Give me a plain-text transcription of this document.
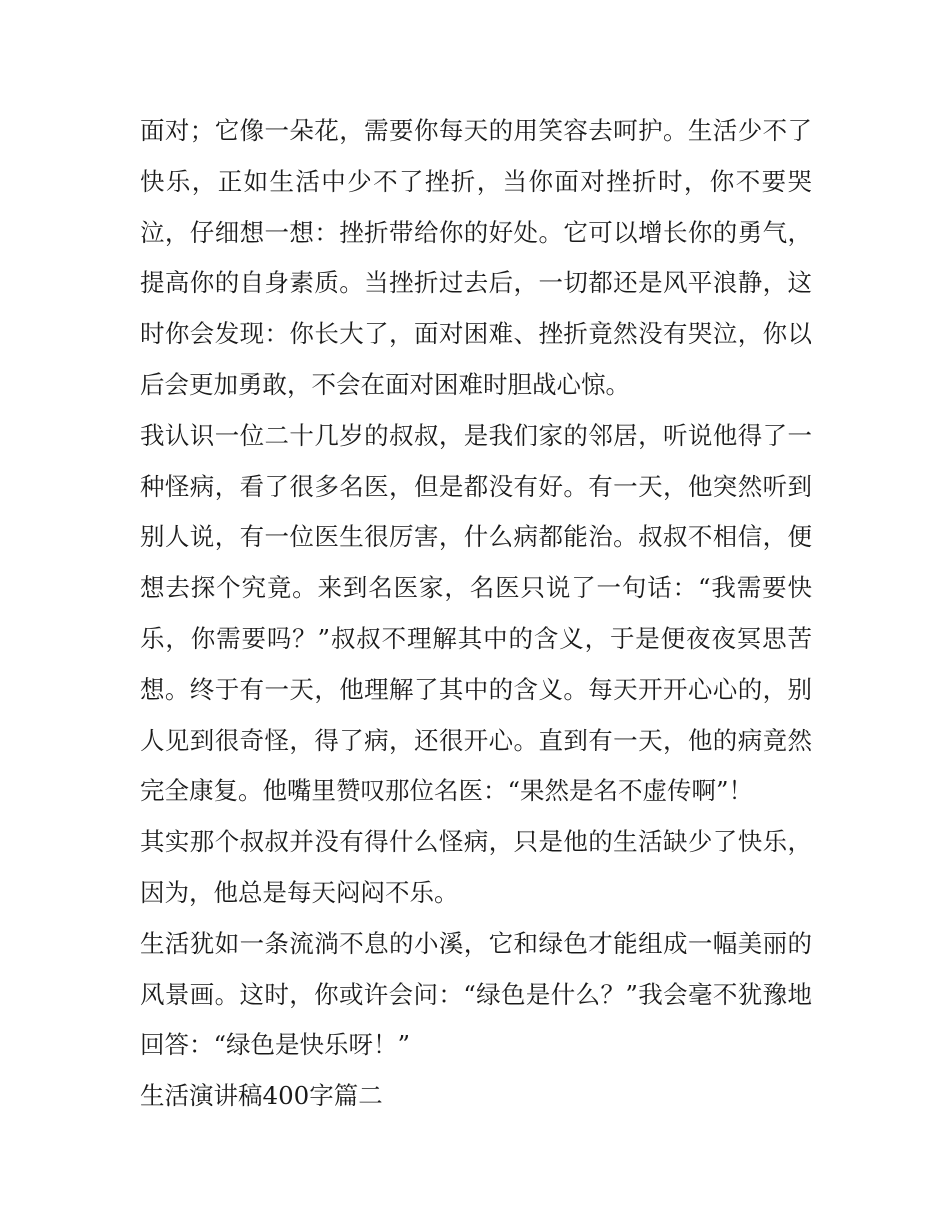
面对；它像一朵花，需要你每天的用笑容去呵护。生活少不了
快乐，正如生活中少不了挫折，当你面对挫折时，你不要哭
泣，仔细想一想：挫折带给你的好处。它可以增长你的勇气，
提高你的自身素质。当挫折过去后，一切都还是风平浪静，这
时你会发现：你长大了，面对困难、挫折竟然没有哭泣，你以
后会更加勇敢，不会在面对困难时胆战心惊。
我认识一位二十几岁的叔叔，是我们家的邻居，听说他得了一
种怪病，看了很多名医，但是都没有好。有一天，他突然听到
别人说，有一位医生很厉害，什么病都能治。叔叔不相信，便
想去探个究竟。来到名医家，名医只说了一句话：“我需要快
乐，你需要吗？”叔叔不理解其中的含义，于是便夜夜冥思苦
想。终于有一天，他理解了其中的含义。每天开开心心的，别
人见到很奇怪，得了病，还很开心。直到有一天，他的病竟然
完全康复。他嘴里赞叹那位名医：“果然是名不虚传啊”！
其实那个叔叔并没有得什么怪病，只是他的生活缺少了快乐，
因为，他总是每天闷闷不乐。
生活犹如一条流淌不息的小溪，它和绿色才能组成一幅美丽的
风景画。这时，你或许会问：“绿色是什么？”我会毫不犹豫地
回答：“绿色是快乐呀！”
生活演讲稿400字篇二
